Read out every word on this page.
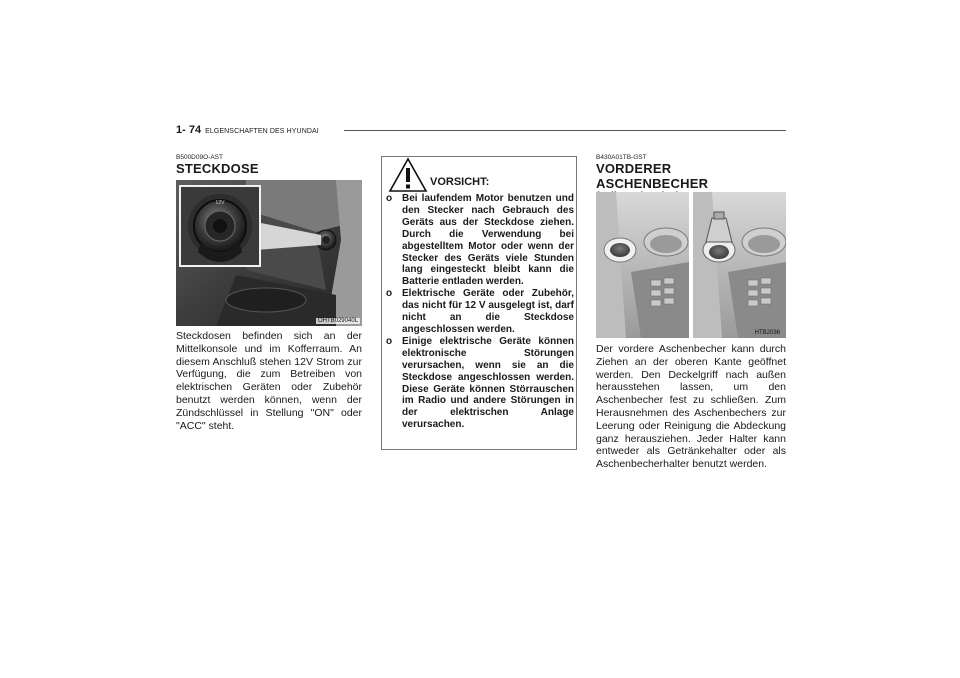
1- 74 ELGENSCHAFTEN DES HYUNDAI
B500D09O-AST
STECKDOSE
12V
OHTB029040L
Steckdosen befinden sich an der Mittelkonsole und im Kofferraum. An diesem Anschluß stehen 12V Strom zur Verfügung, die zum Betreiben von elektrischen Geräten oder Zubehör benutzt werden können, wenn der Zündschlüssel in Stellung "ON" oder "ACC" steht.
VORSICHT:
o Bei laufendem Motor benutzen und den Stecker nach Gebrauch des Geräts aus der Steckdose ziehen. Durch die Verwendung bei abgestelltem Motor oder wenn der Stecker des Geräts viele Stunden lang eingesteckt bleibt kann die Batterie entladen werden.
o Elektrische Geräte oder Zubehör, das nicht für 12 V ausgelegt ist, darf nicht an die Steckdose angeschlossen werden.
o Einige elektrische Geräte können elektronische Störungen verursachen, wenn sie an die Steckdose angeschlossen werden. Diese Geräte können Störrauschen im Radio und andere Störungen in der elektrischen Anlage verursachen.
B430A01TB-GST
VORDERER ASCHENBECHER
HTB2036
Der vordere Aschenbecher kann durch Ziehen an der oberen Kante geöffnet werden. Den Deckelgriff nach außen herausstehen lassen, um den Aschenbecher fest zu schließen. Zum Herausnehmen des Aschenbechers zur Leerung oder Reinigung die Abdeckung ganz herausziehen. Jeder Halter kann entweder als Getränkehalter oder als Aschenbecherhalter benutzt werden.
